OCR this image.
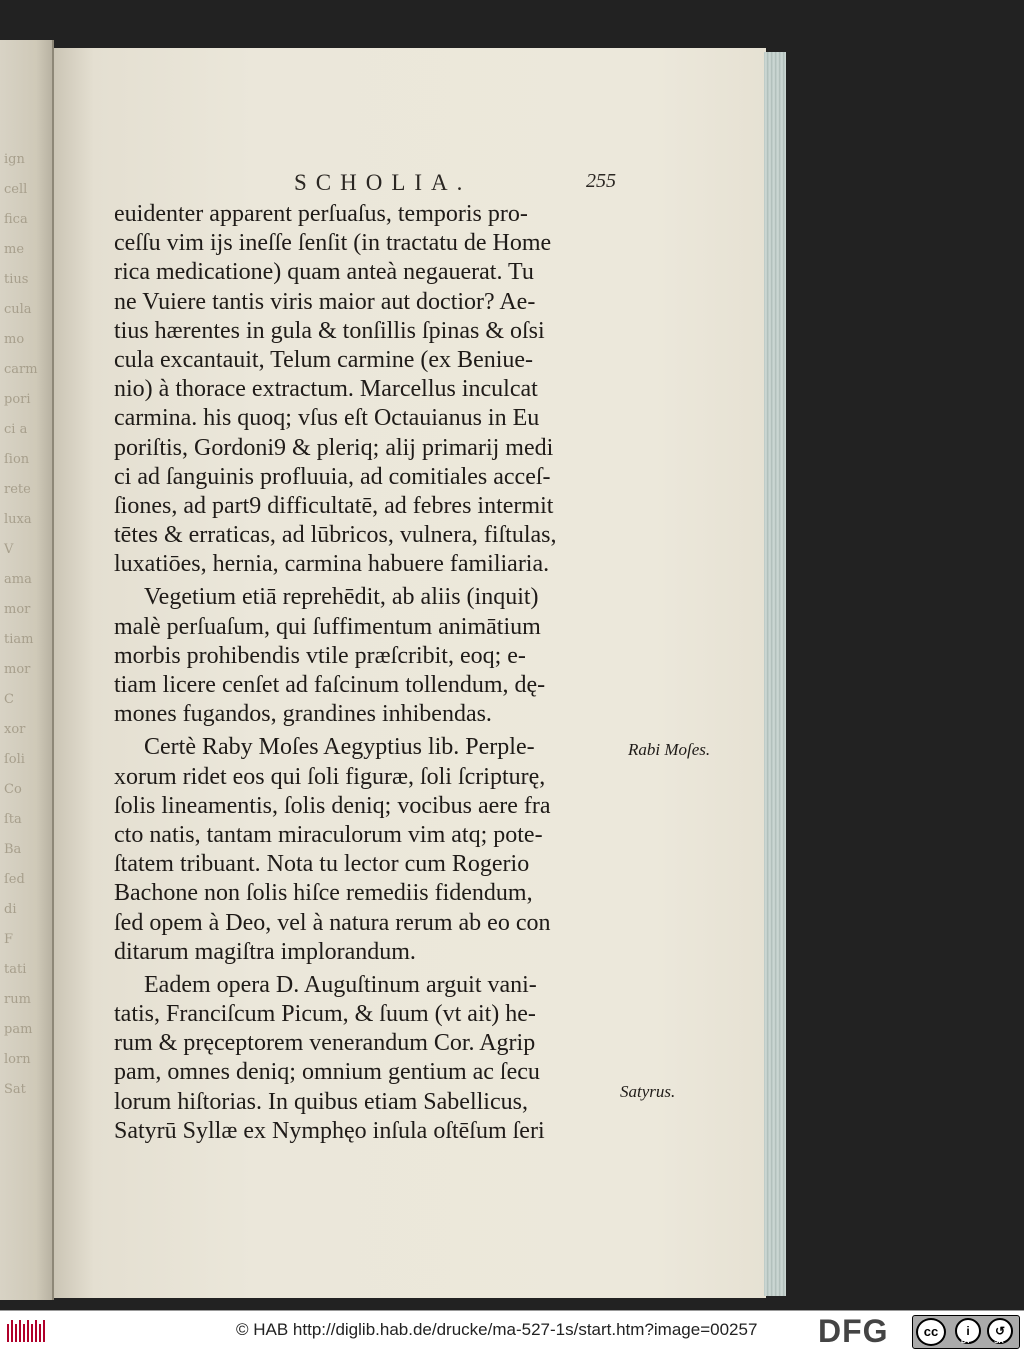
ign
cell
fica
me
tius
cula
mo
carm
pori
ci a
ſion
rete
luxa
V
ama
mor
tiam
mor
C
xor
ſoli
Co
ſta
Ba
ſed
di
F
tati
rum
pam
lorn
Sat
SCHOLIA.	255
euidenter apparent perſuaſus, temporis pro-
ceſſu vim ijs ineſſe ſenſit (in tractatu de Home
rica medicatione) quam anteà negauerat. Tu
ne Vuiere tantis viris maior aut doctior? Ae-
tius hærentes in gula & tonſillis ſpinas & oſsi
cula excantauit, Telum carmine (ex Beniue-
nio) à thorace extractum. Marcellus inculcat
carmina. his quoq; vſus eſt Octauianus in Eu
poriſtis, Gordoni9 & pleriq; alij primarij medi
ci ad ſanguinis profluuia, ad comitiales acceſ-
ſiones, ad part9 difficultatē, ad febres intermit
tētes & erraticas, ad lūbricos, vulnera, fiſtulas,
luxatiōes, hernia, carmina habuere familiaria.
Vegetium etiā reprehēdit, ab aliis (inquit)
malè perſuaſum, qui ſuffimentum animātium
morbis prohibendis vtile præſcribit, eoq; e-
tiam licere cenſet ad faſcinum tollendum, dę-
mones fugandos, grandines inhibendas.
Certè Raby Moſes Aegyptius lib. Perple-
xorum ridet eos qui ſoli figuræ, ſoli ſcripturę,
ſolis lineamentis, ſolis deniq; vocibus aere fra
cto natis, tantam miraculorum vim atq; pote-
ſtatem tribuant. Nota tu lector cum Rogerio
Bachone non ſolis hiſce remediis fidendum,
ſed opem à Deo, vel à natura rerum ab eo con
ditarum magiſtra implorandum.
Eadem opera D. Auguſtinum arguit vani-
tatis, Franciſcum Picum, & ſuum (vt ait) he-
rum & pręceptorem venerandum Cor. Agrip
pam, omnes deniq; omnium gentium ac ſecu
lorum hiſtorias. In quibus etiam Sabellicus,
Satyrū Syllæ ex Nymphęo inſula oſtēſum ſeri
Rabi Moſes.
Satyrus.
© HAB http://diglib.hab.de/drucke/ma-527-1s/start.htm?image=00257 DFG	cc	i	↺
BY	SA
